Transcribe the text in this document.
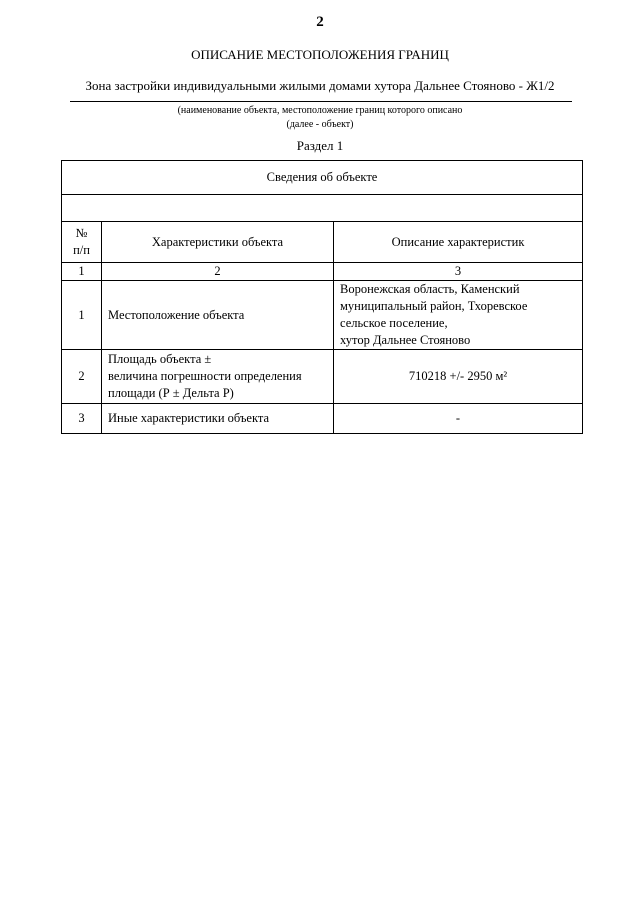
2
ОПИСАНИЕ МЕСТОПОЛОЖЕНИЯ ГРАНИЦ
Зона застройки индивидуальными жилыми домами хутора Дальнее Стояново - Ж1/2
(наименование объекта, местоположение границ которого описано
(далее - объект)
Раздел 1
Сведения об объекте		

№
п/п	Характеристики объекта	Описание характеристик
1	2	3
1	Местоположение объекта	Воронежская область, Каменский
муниципальный район, Тхоревское
сельское поселение,
хутор Дальнее Стояново
2	Площадь объекта ±
величина погрешности определения
площади (Р ± Дельта Р)	710218 +/- 2950 м²
3	Иные характеристики объекта	-
